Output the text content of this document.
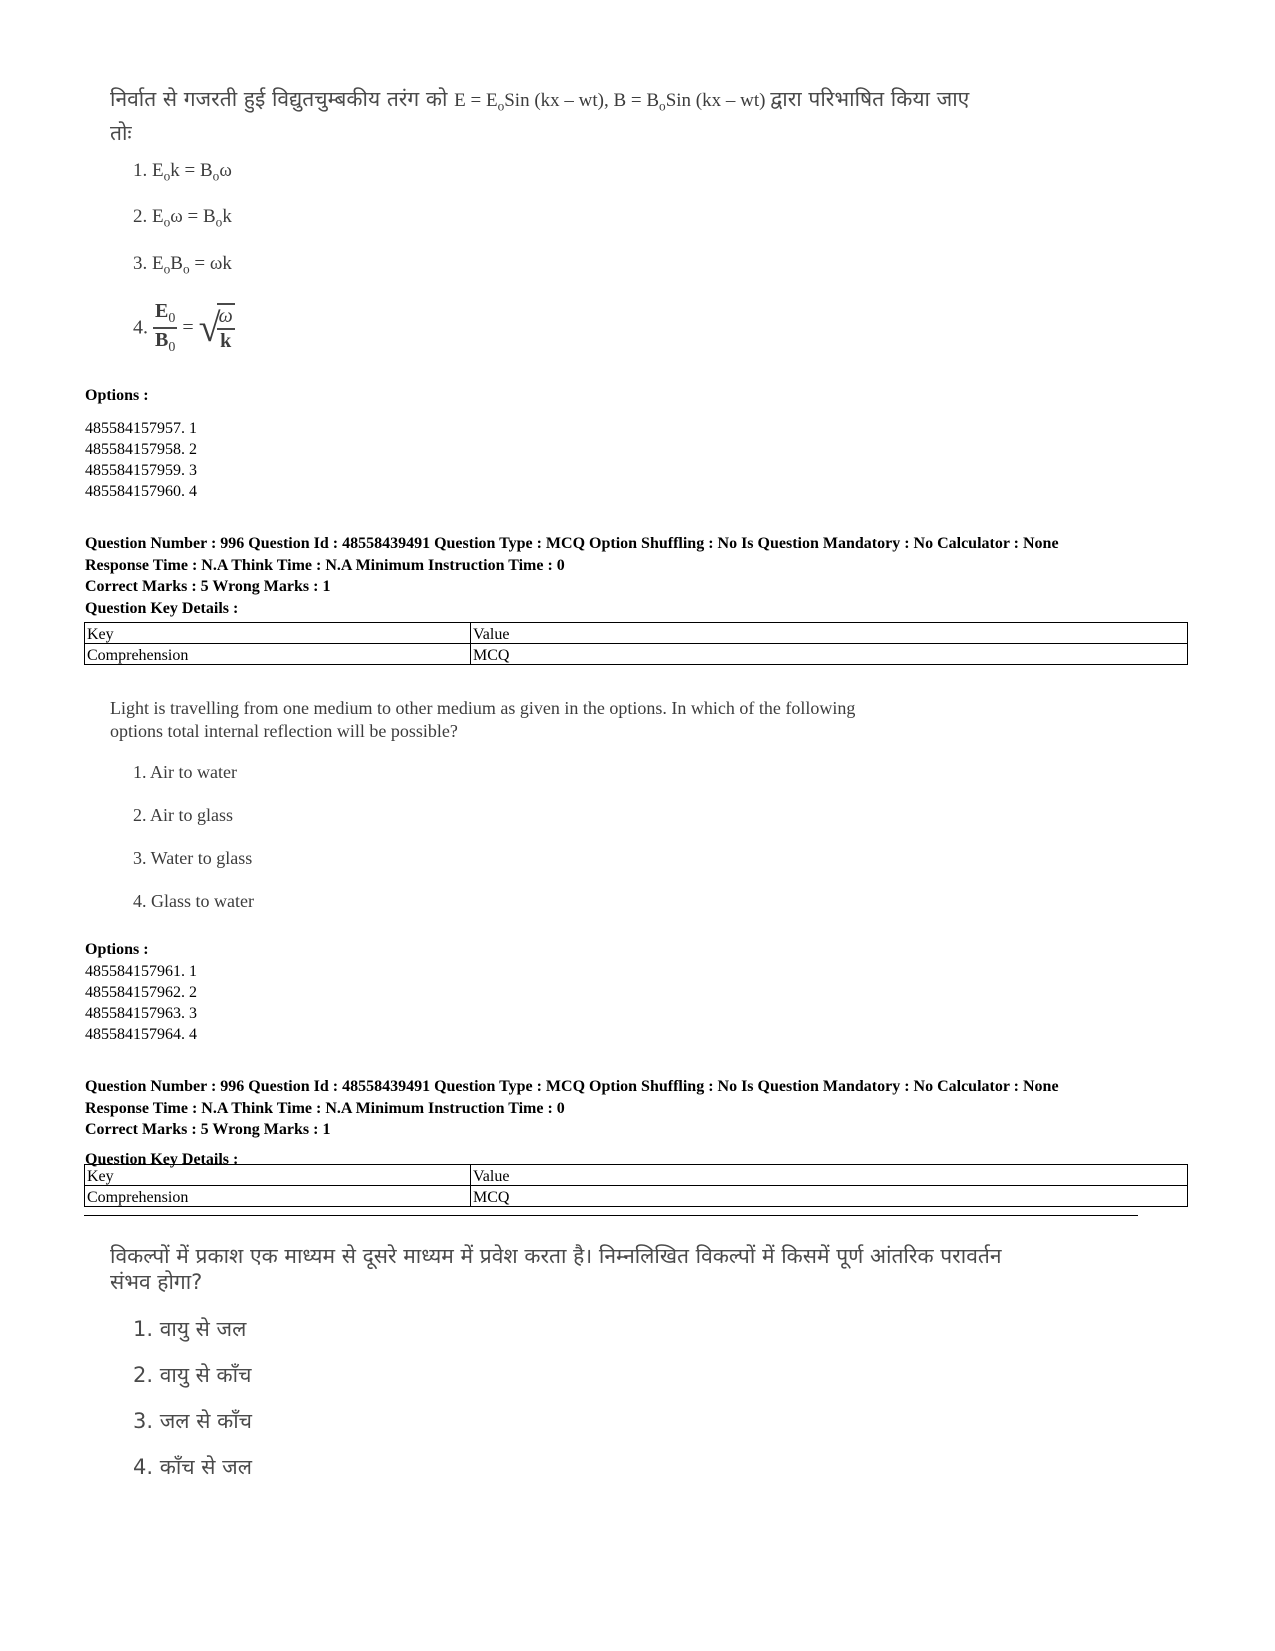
निर्वात से गजरती हुई विद्युतचुम्बकीय तरंग को $E = E_oSin$ (kx – wt), $B = B_oSin$ (kx – wt) द्वारा परिभाषित किया जाए
तोः
1. $E_ok = B_o\omega$
2. $E_o\omega = B_ok$
3. $E_oB_o = \omega k$
4. $\frac{E_0}{B_0}$ = √
$\frac{\omega}{k}$
Options :
485584157957. 1
485584157958. 2
485584157959. 3
485584157960. 4
Question Number : 996 Question Id : 48558439491 Question Type : MCQ Option Shuffling : No Is Question Mandatory : No Calculator : None
Response Time : N.A Think Time : N.A Minimum Instruction Time : 0
Correct Marks : 5 Wrong Marks : 1
Question Key Details :
Key	Value
Comprehension	MCQ
Light is travelling from one medium to other medium as given in the options. In which of the following
options total internal reflection will be possible?
1. Air to water
2. Air to glass
3. Water to glass
4. Glass to water
Options :
485584157961. 1
485584157962. 2
485584157963. 3
485584157964. 4
Question Number : 996 Question Id : 48558439491 Question Type : MCQ Option Shuffling : No Is Question Mandatory : No Calculator : None
Response Time : N.A Think Time : N.A Minimum Instruction Time : 0
Correct Marks : 5 Wrong Marks : 1
Question Key Details :
Key	Value
Comprehension	MCQ
विकल्पों में प्रकाश एक माध्यम से दूसरे माध्यम में प्रवेश करता है। निम्नलिखित विकल्पों में किसमें पूर्ण आंतरिक परावर्तन
संभव होगा?
1. वायु से जल
2. वायु से काँच
3. जल से काँच
4. काँच से जल
